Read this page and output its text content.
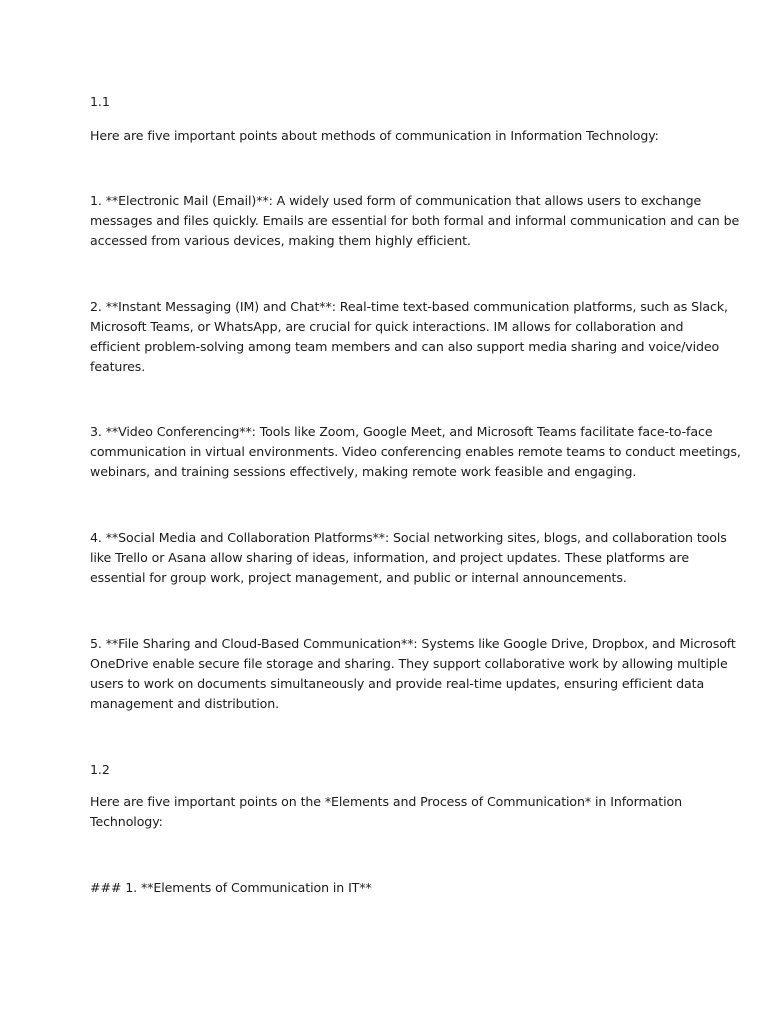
1.1

Here are five important points about methods of communication in Information Technology:

1. **Electronic Mail (Email)**: A widely used form of communication that allows users to exchange

messages and files quickly. Emails are essential for both formal and informal communication and can be

accessed from various devices, making them highly efficient.

2. **Instant Messaging (IM) and Chat**: Real-time text-based communication platforms, such as Slack,

Microsoft Teams, or WhatsApp, are crucial for quick interactions. IM allows for collaboration and

efficient problem-solving among team members and can also support media sharing and voice/video

features.

3. **Video Conferencing**: Tools like Zoom, Google Meet, and Microsoft Teams facilitate face-to-face

communication in virtual environments. Video conferencing enables remote teams to conduct meetings,

webinars, and training sessions effectively, making remote work feasible and engaging.

4. **Social Media and Collaboration Platforms**: Social networking sites, blogs, and collaboration tools

like Trello or Asana allow sharing of ideas, information, and project updates. These platforms are

essential for group work, project management, and public or internal announcements.

5. **File Sharing and Cloud-Based Communication**: Systems like Google Drive, Dropbox, and Microsoft

OneDrive enable secure file storage and sharing. They support collaborative work by allowing multiple

users to work on documents simultaneously and provide real-time updates, ensuring efficient data

management and distribution.

1.2

Here are five important points on the *Elements and Process of Communication* in Information

Technology:

### 1. **Elements of Communication in IT**
